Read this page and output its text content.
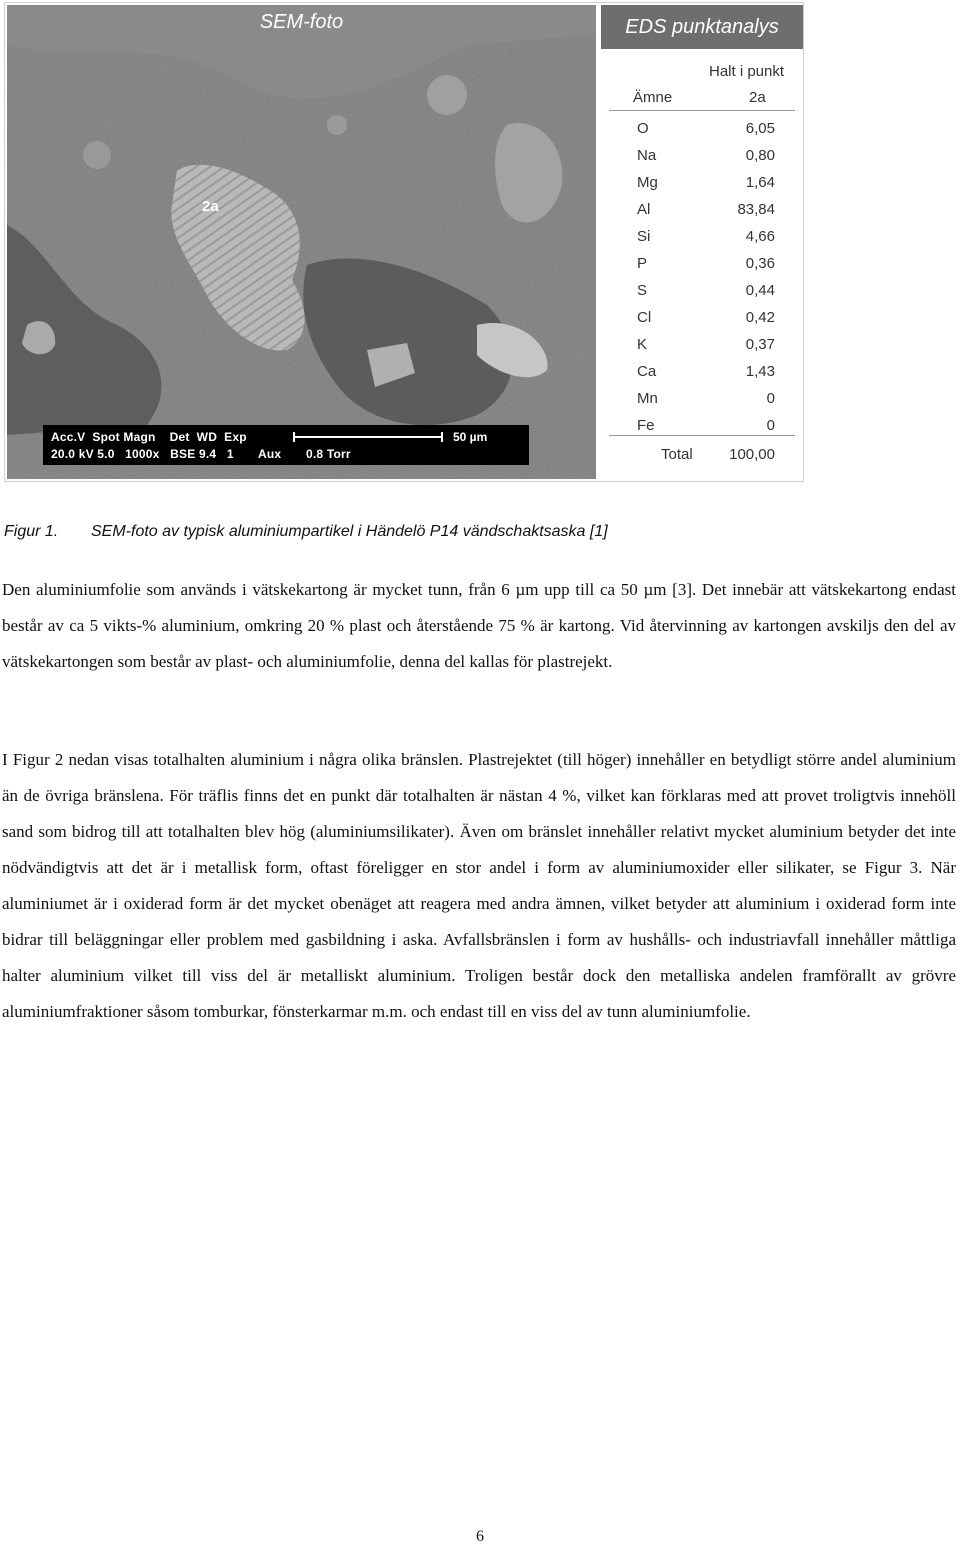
SEM-foto
2a
Acc.V  Spot Magn    Det  WD  Exp
20.0 kV 5.0   1000x   BSE 9.4   1       Aux       0.8 Torr
50 µm
EDS punktanalys
Halt i punkt
Ämne	2a
O	6,05
Na	0,80
Mg	1,64
Al	83,84
Si	4,66
P	0,36
S	0,44
Cl	0,42
K	0,37
Ca	1,43
Mn	0
Fe	0
Total 100,00
Figur 1. SEM-foto av typisk aluminiumpartikel i Händelö P14 vändschaktsaska [1]

Den aluminiumfolie som används i vätskekartong är mycket tunn, från 6 µm upp till ca 50 µm [3]. Det innebär att vätskekartong endast består av ca 5 vikts-% aluminium, omkring 20 % plast och återstående 75 % är kartong. Vid återvinning av kartongen avskiljs den del av vätskekartongen som består av plast- och aluminiumfolie, denna del kallas för plastrejekt.

I Figur 2 nedan visas totalhalten aluminium i några olika bränslen. Plastrejektet (till höger) innehåller en betydligt större andel aluminium än de övriga bränslena. För träflis finns det en punkt där totalhalten är nästan 4 %, vilket kan förklaras med att provet troligtvis innehöll sand som bidrog till att totalhalten blev hög (aluminiumsilikater). Även om bränslet innehåller relativt mycket aluminium betyder det inte nödvändigtvis att det är i metallisk form, oftast föreligger en stor andel i form av aluminiumoxider eller silikater, se Figur 3. När aluminiumet är i oxiderad form är det mycket obenäget att reagera med andra ämnen, vilket betyder att aluminium i oxiderad form inte bidrar till beläggningar eller problem med gasbildning i aska. Avfallsbränslen i form av hushålls- och industriavfall innehåller måttliga halter aluminium vilket till viss del är metalliskt aluminium. Troligen består dock den metalliska andelen framförallt av grövre aluminiumfraktioner såsom tomburkar, fönsterkarmar m.m. och endast till en viss del av tunn aluminiumfolie.

6
